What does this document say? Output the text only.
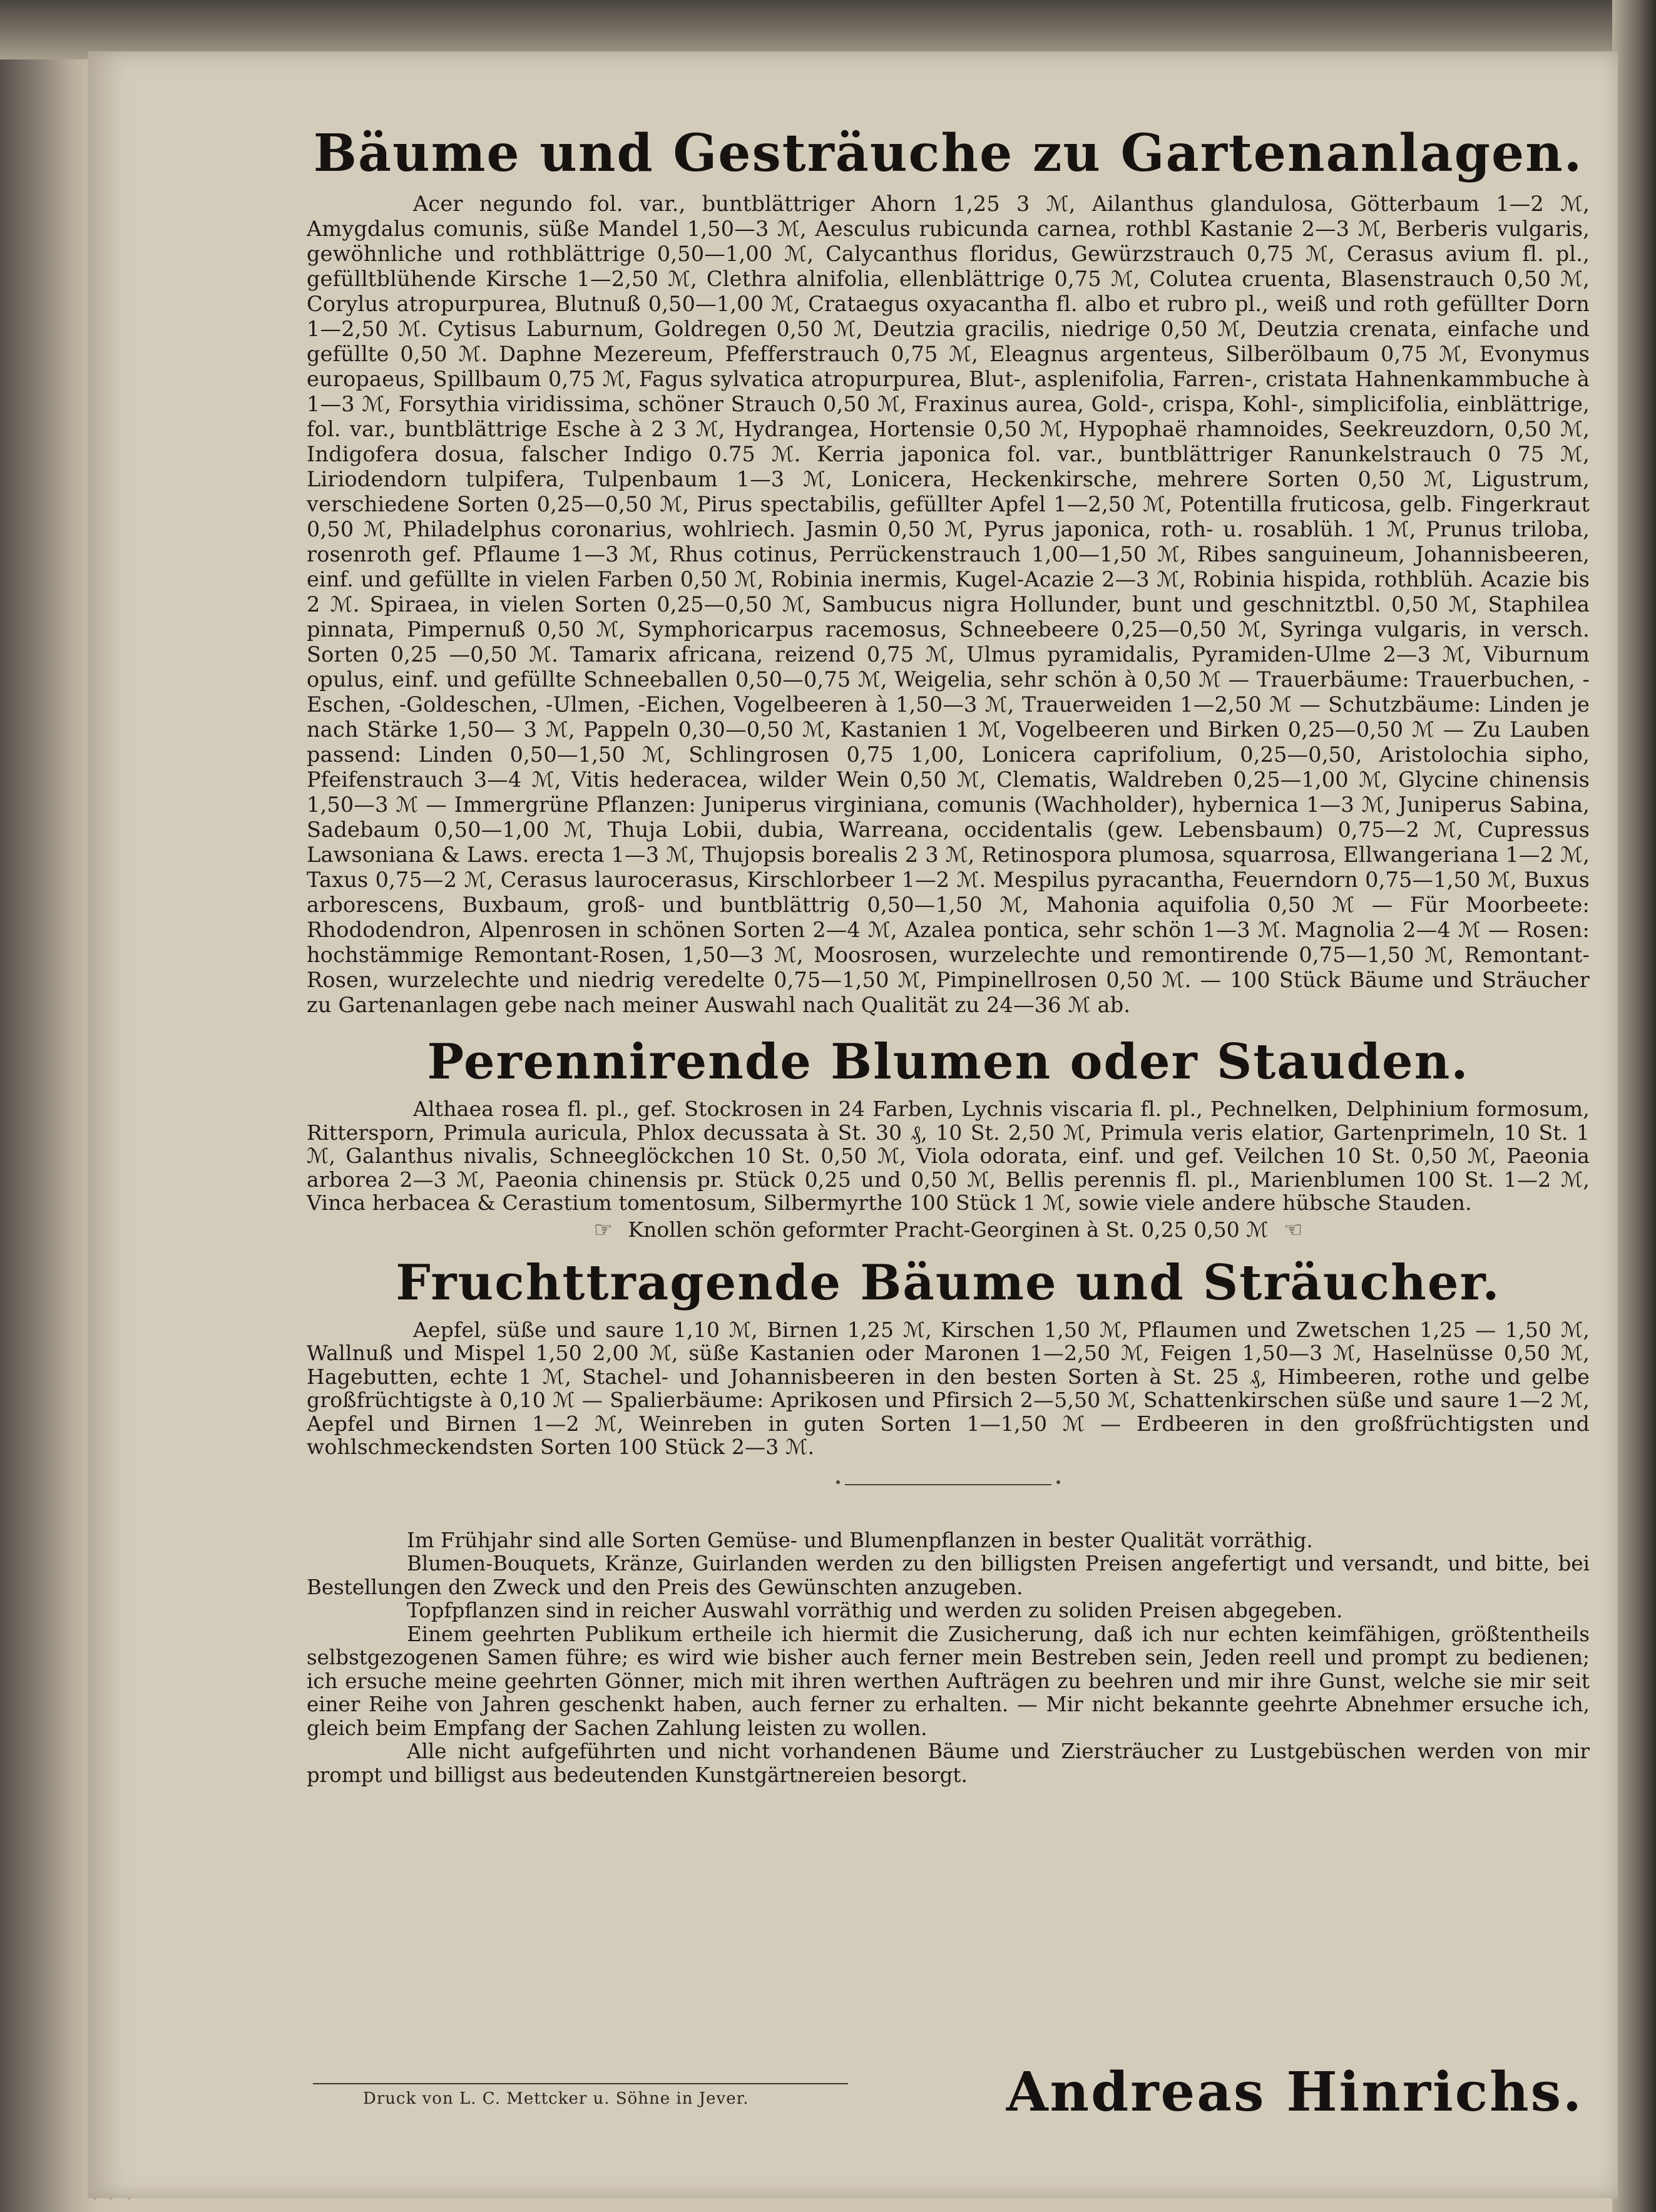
Bäume und Gesträuche zu Gartenanlagen.

Acer negundo fol. var., buntblättriger Ahorn 1,25 3 ℳ, Ailanthus glandulosa, Götterbaum 1—2 ℳ, Amygdalus comunis, süße Mandel 1,50—3 ℳ, Aesculus rubicunda carnea, rothbl Kastanie 2—3 ℳ, Berberis vulgaris, gewöhnliche und rothblättrige 0,50—1,00 ℳ, Calycanthus floridus, Gewürzstrauch 0,75 ℳ, Cerasus avium fl. pl., gefülltblühende Kirsche 1—2,50 ℳ, Clethra alnifolia, ellenblättrige 0,75 ℳ, Colutea cruenta, Blasenstrauch 0,50 ℳ, Corylus atropurpurea, Blutnuß 0,50—1,00 ℳ, Crataegus oxyacantha fl. albo et rubro pl., weiß und roth gefüllter Dorn 1—2,50 ℳ. Cytisus Laburnum, Goldregen 0,50 ℳ, Deutzia gracilis, niedrige 0,50 ℳ, Deutzia crenata, einfache und gefüllte 0,50 ℳ. Daphne Mezereum, Pfefferstrauch 0,75 ℳ, Eleagnus argenteus, Silberölbaum 0,75 ℳ, Evonymus europaeus, Spillbaum 0,75 ℳ, Fagus sylvatica atropurpurea, Blut-, asplenifolia, Farren-, cristata Hahnenkammbuche à 1—3 ℳ, Forsythia viridissima, schöner Strauch 0,50 ℳ, Fraxinus aurea, Gold-, crispa, Kohl-, simplicifolia, einblättrige, fol. var., buntblättrige Esche à 2 3 ℳ, Hydrangea, Hortensie 0,50 ℳ, Hypophaë rhamnoides, Seekreuzdorn, 0,50 ℳ, Indigofera dosua, falscher Indigo 0.75 ℳ. Kerria japonica fol. var., buntblättriger Ranunkelstrauch 0 75 ℳ, Liriodendorn tulpifera, Tulpenbaum 1—3 ℳ, Lonicera, Heckenkirsche, mehrere Sorten 0,50 ℳ, Ligustrum, verschiedene Sorten 0,25—0,50 ℳ, Pirus spectabilis, gefüllter Apfel 1—2,50 ℳ, Potentilla fruticosa, gelb. Fingerkraut 0,50 ℳ, Philadelphus coronarius, wohlriech. Jasmin 0,50 ℳ, Pyrus japonica, roth- u. rosablüh. 1 ℳ, Prunus triloba, rosenroth gef. Pflaume 1—3 ℳ, Rhus cotinus, Perrückenstrauch 1,00—1,50 ℳ, Ribes sanguineum, Johannisbeeren, einf. und gefüllte in vielen Farben 0,50 ℳ, Robinia inermis, Kugel-Acazie 2—3 ℳ, Robinia hispida, rothblüh. Acazie bis 2 ℳ. Spiraea, in vielen Sorten 0,25—0,50 ℳ, Sambucus nigra Hollunder, bunt und geschnitztbl. 0,50 ℳ, Staphilea pinnata, Pimpernuß 0,50 ℳ, Symphoricarpus racemosus, Schneebeere 0,25—0,50 ℳ, Syringa vulgaris, in versch. Sorten 0,25 —0,50 ℳ. Tamarix africana, reizend 0,75 ℳ, Ulmus pyramidalis, Pyramiden-Ulme 2—3 ℳ, Viburnum opulus, einf. und gefüllte Schneeballen 0,50—0,75 ℳ, Weigelia, sehr schön à 0,50 ℳ — Trauerbäume: Trauerbuchen, -Eschen, -Goldeschen, -Ulmen, -Eichen, Vogelbeeren à 1,50—3 ℳ, Trauerweiden 1—2,50 ℳ — Schutzbäume: Linden je nach Stärke 1,50— 3 ℳ, Pappeln 0,30—0,50 ℳ, Kastanien 1 ℳ, Vogelbeeren und Birken 0,25—0,50 ℳ — Zu Lauben passend: Linden 0,50—1,50 ℳ, Schlingrosen 0,75 1,00, Lonicera caprifolium, 0,25—0,50, Aristolochia sipho, Pfeifenstrauch 3—4 ℳ, Vitis hederacea, wilder Wein 0,50 ℳ, Clematis, Waldreben 0,25—1,00 ℳ, Glycine chinensis 1,50—3 ℳ — Immergrüne Pflanzen: Juniperus virginiana, comunis (Wachholder), hybernica 1—3 ℳ, Juniperus Sabina, Sadebaum 0,50—1,00 ℳ, Thuja Lobii, dubia, Warreana, occidentalis (gew. Lebensbaum) 0,75—2 ℳ, Cupressus Lawsoniana & Laws. erecta 1—3 ℳ, Thujopsis borealis 2 3 ℳ, Retinospora plumosa, squarrosa, Ellwangeriana 1—2 ℳ, Taxus 0,75—2 ℳ, Cerasus laurocerasus, Kirschlorbeer 1—2 ℳ. Mespilus pyracantha, Feuerndorn 0,75—1,50 ℳ, Buxus arborescens, Buxbaum, groß- und buntblättrig 0,50—1,50 ℳ, Mahonia aquifolia 0,50 ℳ — Für Moorbeete: Rhododendron, Alpenrosen in schönen Sorten 2—4 ℳ, Azalea pontica, sehr schön 1—3 ℳ. Magnolia 2—4 ℳ — Rosen: hochstämmige Remontant-Rosen, 1,50—3 ℳ, Moosrosen, wurzelechte und remontirende 0,75—1,50 ℳ, Remontant-Rosen, wurzelechte und niedrig veredelte 0,75—1,50 ℳ, Pimpinellrosen 0,50 ℳ. — 100 Stück Bäume und Sträucher zu Gartenanlagen gebe nach meiner Auswahl nach Qualität zu 24—36 ℳ ab.

Perennirende Blumen oder Stauden.

Althaea rosea fl. pl., gef. Stockrosen in 24 Farben, Lychnis viscaria fl. pl., Pechnelken, Delphinium formosum, Rittersporn, Primula auricula, Phlox decussata à St. 30 ₰, 10 St. 2,50 ℳ, Primula veris elatior, Gartenprimeln, 10 St. 1 ℳ, Galanthus nivalis, Schneeglöckchen 10 St. 0,50 ℳ, Viola odorata, einf. und gef. Veilchen 10 St. 0,50 ℳ, Paeonia arborea 2—3 ℳ, Paeonia chinensis pr. Stück 0,25 und 0,50 ℳ, Bellis perennis fl. pl., Marienblumen 100 St. 1—2 ℳ, Vinca herbacea & Cerastium tomentosum, Silbermyrthe 100 Stück 1 ℳ, sowie viele andere hübsche Stauden.

☞ Knollen schön geformter Pracht-Georginen à St. 0,25 0,50 ℳ ☜
Fruchttragende Bäume und Sträucher.

Aepfel, süße und saure 1,10 ℳ, Birnen 1,25 ℳ, Kirschen 1,50 ℳ, Pflaumen und Zwetschen 1,25 — 1,50 ℳ, Wallnuß und Mispel 1,50 2,00 ℳ, süße Kastanien oder Maronen 1—2,50 ℳ, Feigen 1,50—3 ℳ, Haselnüsse 0,50 ℳ, Hagebutten, echte 1 ℳ, Stachel- und Johannisbeeren in den besten Sorten à St. 25 ₰, Himbeeren, rothe und gelbe großfrüchtigste à 0,10 ℳ — Spalierbäume: Aprikosen und Pfirsich 2—5,50 ℳ, Schattenkirschen süße und saure 1—2 ℳ, Aepfel und Birnen 1—2 ℳ, Weinreben in guten Sorten 1—1,50 ℳ — Erdbeeren in den großfrüchtigsten und wohlschmeckendsten Sorten 100 Stück 2—3 ℳ.

Im Frühjahr sind alle Sorten Gemüse- und Blumenpflanzen in bester Qualität vorräthig.

Blumen-Bouquets, Kränze, Guirlanden werden zu den billigsten Preisen angefertigt und versandt, und bitte, bei Bestellungen den Zweck und den Preis des Gewünschten anzugeben.

Topfpflanzen sind in reicher Auswahl vorräthig und werden zu soliden Preisen abgegeben.

Einem geehrten Publikum ertheile ich hiermit die Zusicherung, daß ich nur echten keimfähigen, größtentheils selbstgezogenen Samen führe; es wird wie bisher auch ferner mein Bestreben sein, Jeden reell und prompt zu bedienen; ich ersuche meine geehrten Gönner, mich mit ihren werthen Aufträgen zu beehren und mir ihre Gunst, welche sie mir seit einer Reihe von Jahren geschenkt haben, auch ferner zu erhalten. — Mir nicht bekannte geehrte Abnehmer ersuche ich, gleich beim Empfang der Sachen Zahlung leisten zu wollen.

Alle nicht aufgeführten und nicht vorhandenen Bäume und Ziersträucher zu Lustgebüschen werden von mir prompt und billigst aus bedeutenden Kunstgärtnereien besorgt.

Druck von L. C. Mettcker u. Söhne in Jever.	Andreas Hinrichs.
